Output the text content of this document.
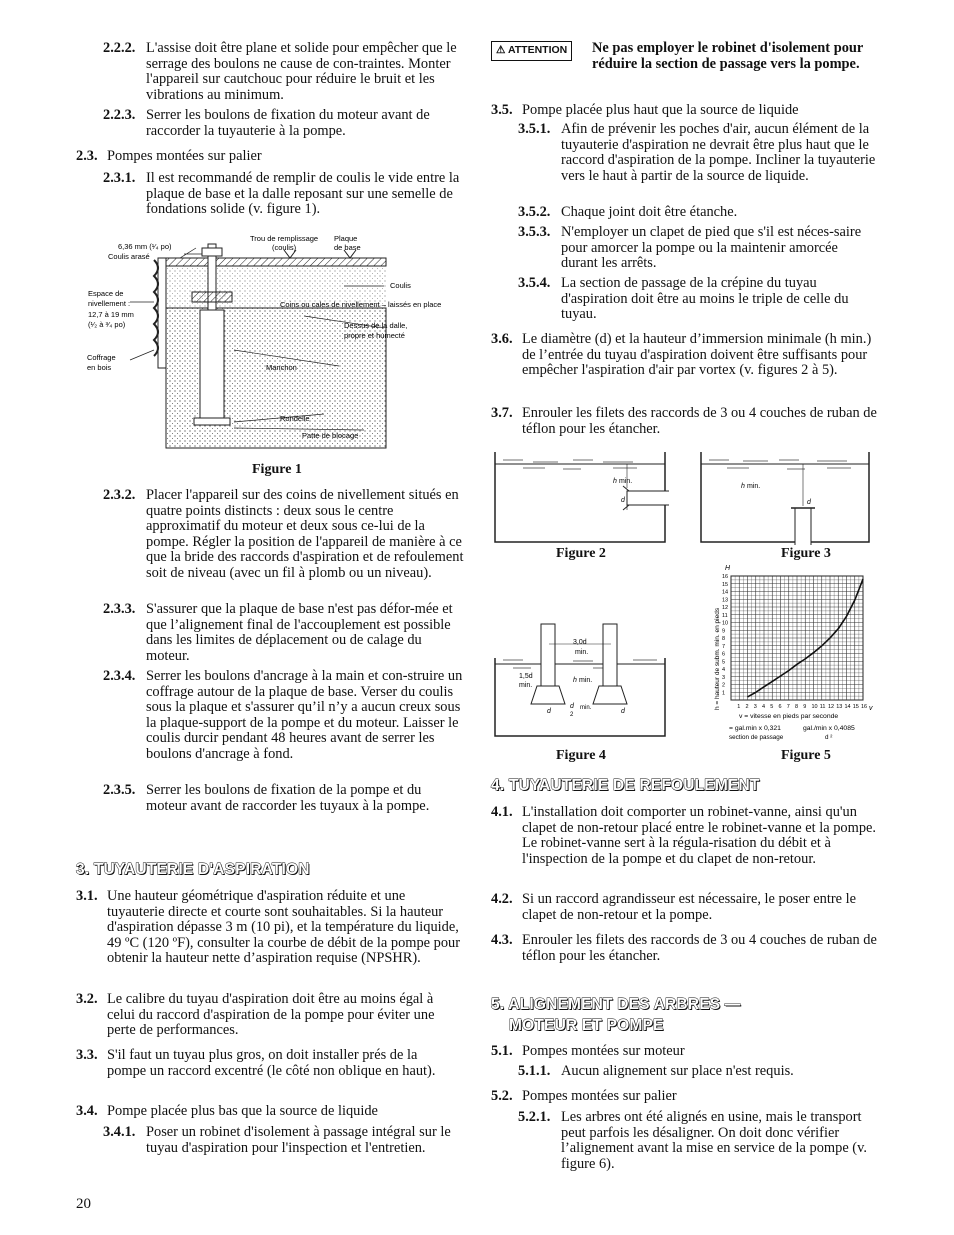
2.2.2. L'assise doit être plane et solide pour empêcher que le serrage des boulons ne cause de con-traintes. Monter l'appareil sur cautchouc pour réduire le bruit et les vibrations au minimum.
2.2.3. Serrer les boulons de fixation du moteur avant de raccorder la tuyauterie à la pompe.
2.3. Pompes montées sur palier
2.3.1. Il est recommandé de remplir de coulis le vide entre la plaque de base et la dalle reposant sur une semelle de fondations solide (v. figure 1).
6,36 mm (¹⁄₄ po)
Coulis arasé
Trou de remplissage
(coulis)
Plaque
de base
Coulis
Espace de
nivellement :
12,7 à 19 mm
(¹⁄₂ à ³⁄₄ po)
Coins ou cales de nivellement – laissés en place
Dessus de la dalle,
propre et humecté
Coffrage
en bois	Manchon
Rondelle
Patte de blocage
Figure 1
2.3.2. Placer l'appareil sur des coins de nivellement situés en quatre points distincts : deux sous le centre approximatif du moteur et deux sous ce-lui de la pompe. Régler la position de l'appareil de manière à ce que la bride des raccords d'aspiration et de refoulement soit de niveau (avec un fil à plomb ou un niveau).
2.3.3. S'assurer que la plaque de base n'est pas défor-mée et que l’alignement final de l'accouplement est possible dans les limites de déplacement ou de calage du moteur.
2.3.4. Serrer les boulons d'ancrage à la main et con-struire un coffrage autour de la plaque de base. Verser du coulis sous la plaque et s'assurer qu’il n’y a aucun creux sous la plaque-support de la pompe et du moteur. Laisser le coulis durcir pendant 48 heures avant de serrer les boulons d'ancrage à fond.
2.3.5. Serrer les boulons de fixation de la pompe et du moteur avant de raccorder les tuyaux à la pompe.
3. TUYAUTERIE D'ASPIRATION
3.1. Une hauteur géométrique d'aspiration réduite et une tuyauterie directe et courte sont souhaitables. Si la hauteur d'aspiration dépasse 3 m (10 pi), et la température du liquide, 49 ºC (120 ºF), consulter la courbe de débit de la pompe pour obtenir la hauteur nette d’aspiration requise (NPSHR).
3.2. Le calibre du tuyau d'aspiration doit être au moins égal à celui du raccord d'aspiration de la pompe pour éviter une perte de performances.
3.3. S'il faut un tuyau plus gros, on doit installer prés de la pompe un raccord excentré (le côté non oblique en haut).
3.4. Pompe placée plus bas que la source de liquide
3.4.1. Poser un robinet d'isolement à passage intégral sur le tuyau d'aspiration pour l'inspection et l'entretien.
20
⚠ ATTENTION	Ne pas employer le robinet d'isolement pour réduire la section de passage vers la pompe.
3.5. Pompe placée plus haut que la source de liquide
3.5.1. Afin de prévenir les poches d'air, aucun élément de la tuyauterie d'aspiration ne devrait être plus haut que le raccord d'aspiration de la pompe. Incliner la tuyauterie vers le haut à partir de la source de liquide.
3.5.2. Chaque joint doit être étanche.
3.5.3. N'employer un clapet de pied que s'il est néces-saire pour amorcer la pompe ou la maintenir amorcée durant les arrêts.
3.5.4. La section de passage de la crépine du tuyau d'aspiration doit être au moins le triple de celle du tuyau.
3.6. Le diamètre (d) et la hauteur d’immersion minimale (h min.) de l’entrée du tuyau d'aspiration doivent être suffisants pour empêcher l'aspiration d'air par vortex (v. figures 2 à 5).
3.7. Enrouler les filets des raccords de 3 ou 4 couches de ruban de téflon pour les étancher.
h min.
d
Figure 2
h min.
d
Figure 3
3,0d
min.
1,5d
min.
h min.
d
d
2
min.	d
Figure 4
H
h = hauteur de subm. min. en pieds	v
v = vitesse en pieds par seconde
= gal.min x 0,321
section de passage
gal./min x 0,4085
d ²
1 2 3 4 5 6 7 8 9 10 11 12 13 14 15 16
1
2
3
4
5
6
7
8
9
10
11
12
13
14
15
16
Figure 5
4. TUYAUTERIE DE REFOULEMENT
4.1. L'installation doit comporter un robinet-vanne, ainsi qu'un clapet de non-retour placé entre le robinet-vanne et la pompe. Le robinet-vanne sert à la régula-risation du débit et à l'inspection de la pompe et du clapet de non-retour.
4.2. Si un raccord agrandisseur est nécessaire, le poser entre le clapet de non-retour et la pompe.
4.3. Enrouler les filets des raccords de 3 ou 4 couches de ruban de téflon pour les étancher.
5. ALIGNEMENT DES ARBRES —
MOTEUR ET POMPE
5.1. Pompes montées sur moteur
5.1.1. Aucun alignement sur place n'est requis.
5.2. Pompes montées sur palier
5.2.1. Les arbres ont été alignés en usine, mais le transport peut parfois les désaligner. On doit donc vérifier l’alignement avant la mise en service de la pompe (v. figure 6).
